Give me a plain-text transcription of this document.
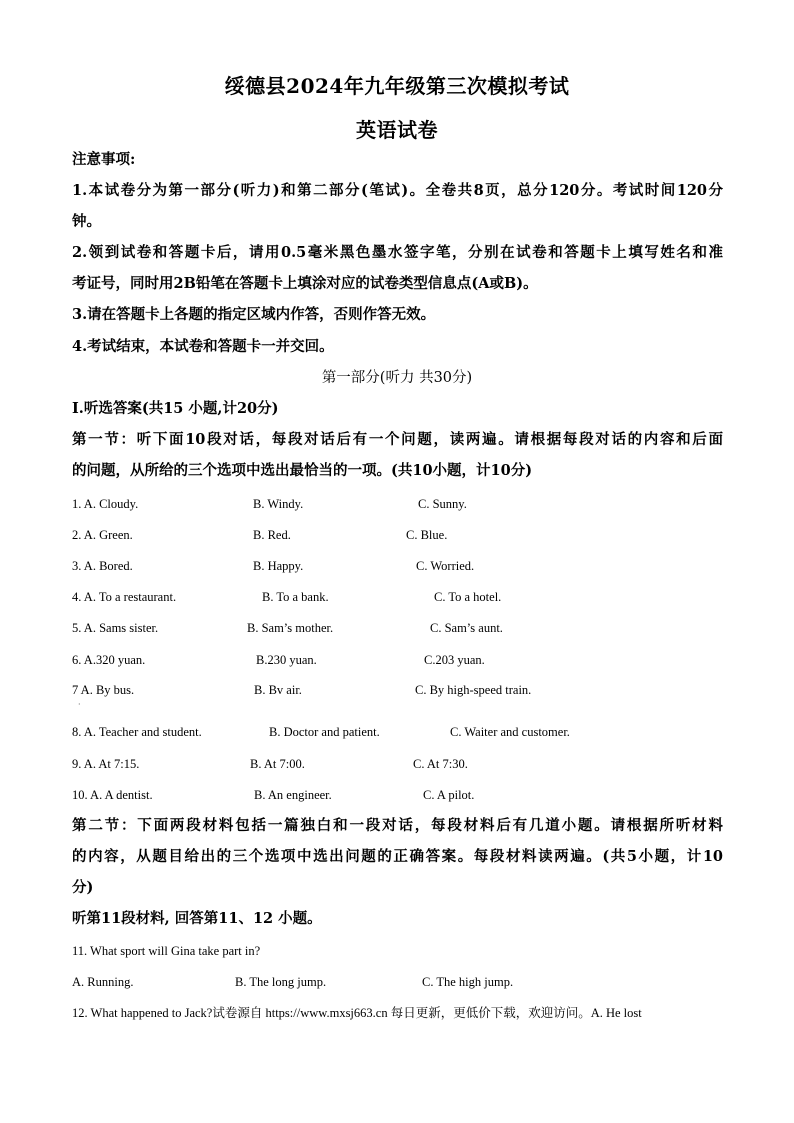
绥德县2024年九年级第三次模拟考试
英语试卷
注意事项:
1.本试卷分为第一部分(听力)和第二部分(笔试)。全卷共8页，总分120分。考试时间120分
钟。
2.领到试卷和答题卡后，请用0.5毫米黑色墨水签字笔，分别在试卷和答题卡上填写姓名和准
考证号，同时用2B铅笔在答题卡上填涂对应的试卷类型信息点(A或B)。
3.请在答题卡上各题的指定区域内作答，否则作答无效。
4.考试结束，本试卷和答题卡一并交回。
第一部分(听力 共30分)
Ⅰ.听选答案(共15 小题,计20分)
第一节：听下面10段对话，每段对话后有一个问题，读两遍。请根据每段对话的内容和后面
的问题，从所给的三个选项中选出最恰当的一项。(共10小题，计10分)
1. A. Cloudy.	B. Windy.	C. Sunny.
2. A. Green.	B. Red.	C. Blue.
3. A. Bored.	B. Happy.	C. Worried.
4. A. To a restaurant.	B. To a bank.	C. To a hotel.
5. A. Sams sister.	B. Sam’s mother.	C. Sam’s aunt.
6. A.320 yuan.	B.230 yuan.	C.203 yuan.
7 A. By bus.	B. Bv air.	C. By high-speed train.
·
8. A. Teacher and student.	B. Doctor and patient.	C. Waiter and customer.
9. A. At 7:15.	B. At 7:00.	C. At 7:30.
10. A. A dentist.	B. An engineer.	C. A pilot.
第二节：下面两段材料包括一篇独白和一段对话，每段材料后有几道小题。请根据所听材料
的内容，从题目给出的三个选项中选出问题的正确答案。每段材料读两遍。(共5小题，计10
分)
听第11段材料, 回答第11、12 小题。
11. What sport will Gina take part in?
A. Running.	B. The long jump.	C. The high jump.
12. What happened to Jack?试卷源自 https://www.mxsj663.cn 每日更新，更低价下载，欢迎访问。A. He lost
